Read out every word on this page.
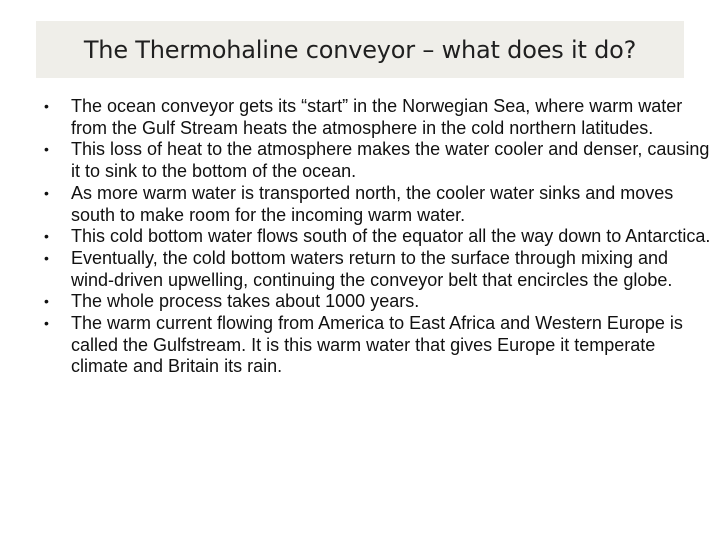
The Thermohaline conveyor – what does it do?
•	The ocean conveyor gets its “start” in the Norwegian Sea, where warm water from the Gulf Stream heats the atmosphere in the cold northern latitudes.
•	This loss of heat to the atmosphere makes the water cooler and denser, causing it to sink to the bottom of the ocean.
•	As more warm water is transported north, the cooler water sinks and moves south to make room for the incoming warm water.
•	This cold bottom water flows south of the equator all the way down to Antarctica.
•	Eventually, the cold bottom waters return to the surface through mixing and wind-driven upwelling, continuing the conveyor belt that encircles the globe.
•	The whole process takes about 1000 years.
•	The warm current flowing from America to East Africa and Western Europe is called the Gulfstream. It is this warm water that gives Europe it temperate climate and Britain its rain.
